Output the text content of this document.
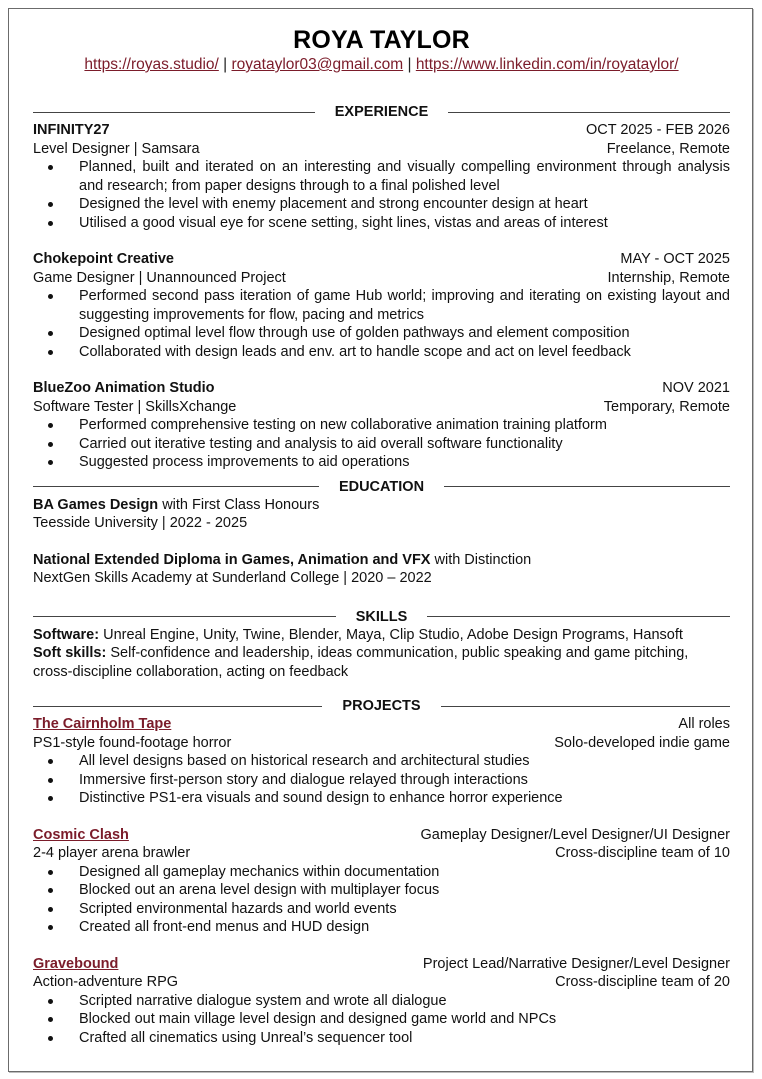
ROYA TAYLOR
https://royas.studio/ | royataylor03@gmail.com | https://www.linkedin.com/in/royataylor/
EXPERIENCE
INFINITY27	OCT 2025 - FEB 2026
Level Designer | Samsara	Freelance, Remote
Planned, built and iterated on an interesting and visually compelling environment through analysis and research; from paper designs through to a final polished level
Designed the level with enemy placement and strong encounter design at heart
Utilised a good visual eye for scene setting, sight lines, vistas and areas of interest
Chokepoint Creative	MAY - OCT 2025
Game Designer | Unannounced Project	Internship, Remote
Performed second pass iteration of game Hub world; improving and iterating on existing layout and suggesting improvements for flow, pacing and metrics
Designed optimal level flow through use of golden pathways and element composition
Collaborated with design leads and env. art to handle scope and act on level feedback
BlueZoo Animation Studio	NOV 2021
Software Tester | SkillsXchange	Temporary, Remote
Performed comprehensive testing on new collaborative animation training platform
Carried out iterative testing and analysis to aid overall software functionality
Suggested process improvements to aid operations
EDUCATION
BA Games Design with First Class Honours
Teesside University | 2022 - 2025
National Extended Diploma in Games, Animation and VFX with Distinction
NextGen Skills Academy at Sunderland College | 2020 – 2022
SKILLS
Software: Unreal Engine, Unity, Twine, Blender, Maya, Clip Studio, Adobe Design Programs, Hansoft
Soft skills: Self-confidence and leadership, ideas communication, public speaking and game pitching, cross-discipline collaboration, acting on feedback
PROJECTS
The Cairnholm Tape	All roles
PS1-style found-footage horror	Solo-developed indie game
All level designs based on historical research and architectural studies
Immersive first-person story and dialogue relayed through interactions
Distinctive PS1-era visuals and sound design to enhance horror experience
Cosmic Clash	Gameplay Designer/Level Designer/UI Designer
2-4 player arena brawler	Cross-discipline team of 10
Designed all gameplay mechanics within documentation
Blocked out an arena level design with multiplayer focus
Scripted environmental hazards and world events
Created all front-end menus and HUD design
Gravebound	Project Lead/Narrative Designer/Level Designer
Action-adventure RPG	Cross-discipline team of 20
Scripted narrative dialogue system and wrote all dialogue
Blocked out main village level design and designed game world and NPCs
Crafted all cinematics using Unreal’s sequencer tool
